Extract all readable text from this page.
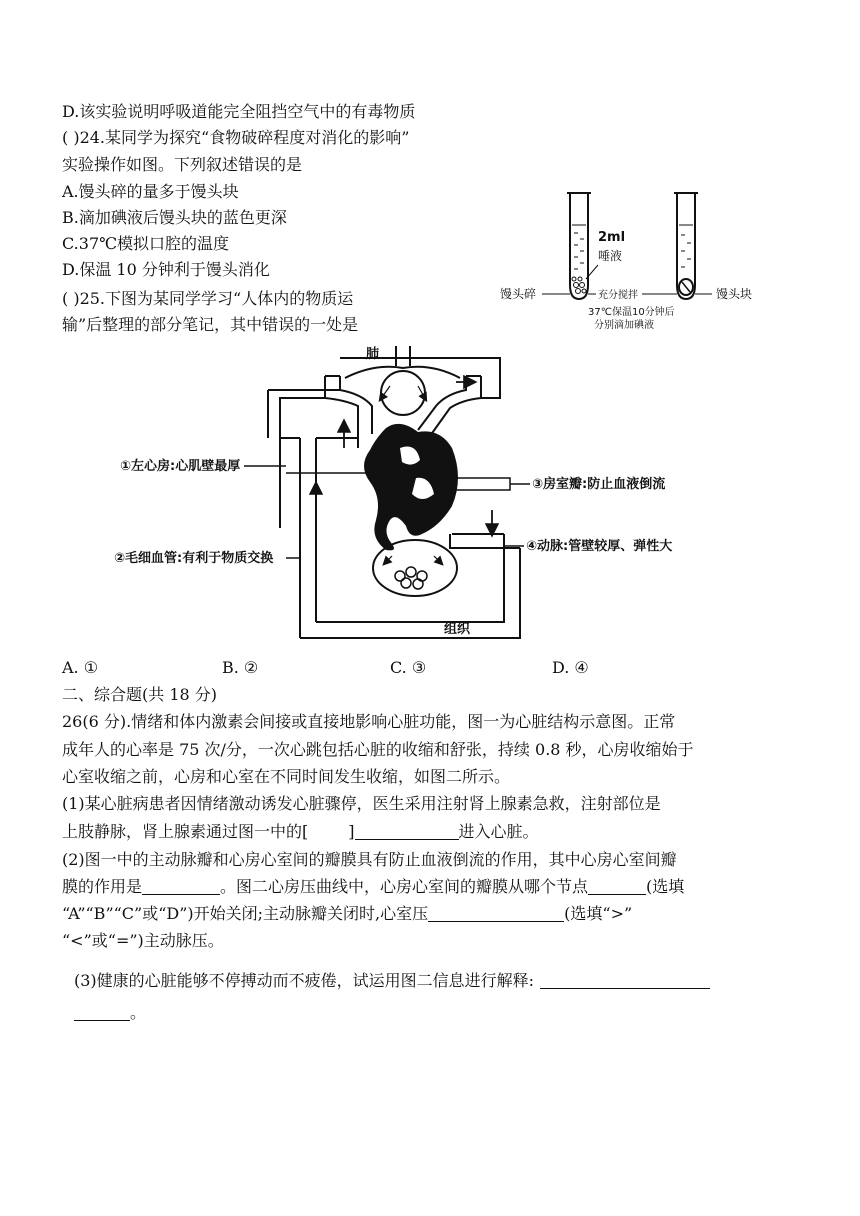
D.该实验说明呼吸道能完全阻挡空气中的有毒物质
( )24.某同学为探究“食物破碎程度对消化的影响”
实验操作如图。下列叙述错误的是
A.馒头碎的量多于馒头块
B.滴加碘液后馒头块的蓝色更深
C.37℃模拟口腔的温度
D.保温 10 分钟利于馒头消化
2ml
唾液
馒头碎	充分搅拌	馒头块
37℃保温10分钟后
分别滴加碘液
( )25.下图为某同学学习“人体内的物质运
输”后整理的部分笔记，其中错误的一处是
肺
组织
①左心房:心肌壁最厚
③房室瓣:防止血液倒流
④动脉:管壁较厚、弹性大
②毛细血管:有利于物质交换
A. ①	B. ②	C. ③	D. ④
二、综合题(共 18 分)
26(6 分).情绪和体内激素会间接或直接地影响心脏功能，图一为心脏结构示意图。正常
成年人的心率是 75 次/分，一次心跳包括心脏的收缩和舒张，持续 0.8 秒，心房收缩始于
心室收缩之前，心房和心室在不同时间发生收缩，如图二所示。
(1)某心脏病患者因情绪激动诱发心脏骤停，医生采用注射肾上腺素急救，注射部位是
上肢静脉，肾上腺素通过图一中的[	]	进入心脏。
(2)图一中的主动脉瓣和心房心室间的瓣膜具有防止血液倒流的作用，其中心房心室间瓣
膜的作用是	。图二心房压曲线中，心房心室间的瓣膜从哪个节点	(选填
“A”“B”“C”或“D”)开始关闭;主动脉瓣关闭时,心室压	(选填“>”
“<”或“=”)主动脉压。
(3)健康的心脏能够不停搏动而不疲倦，试运用图二信息进行解释:
。
